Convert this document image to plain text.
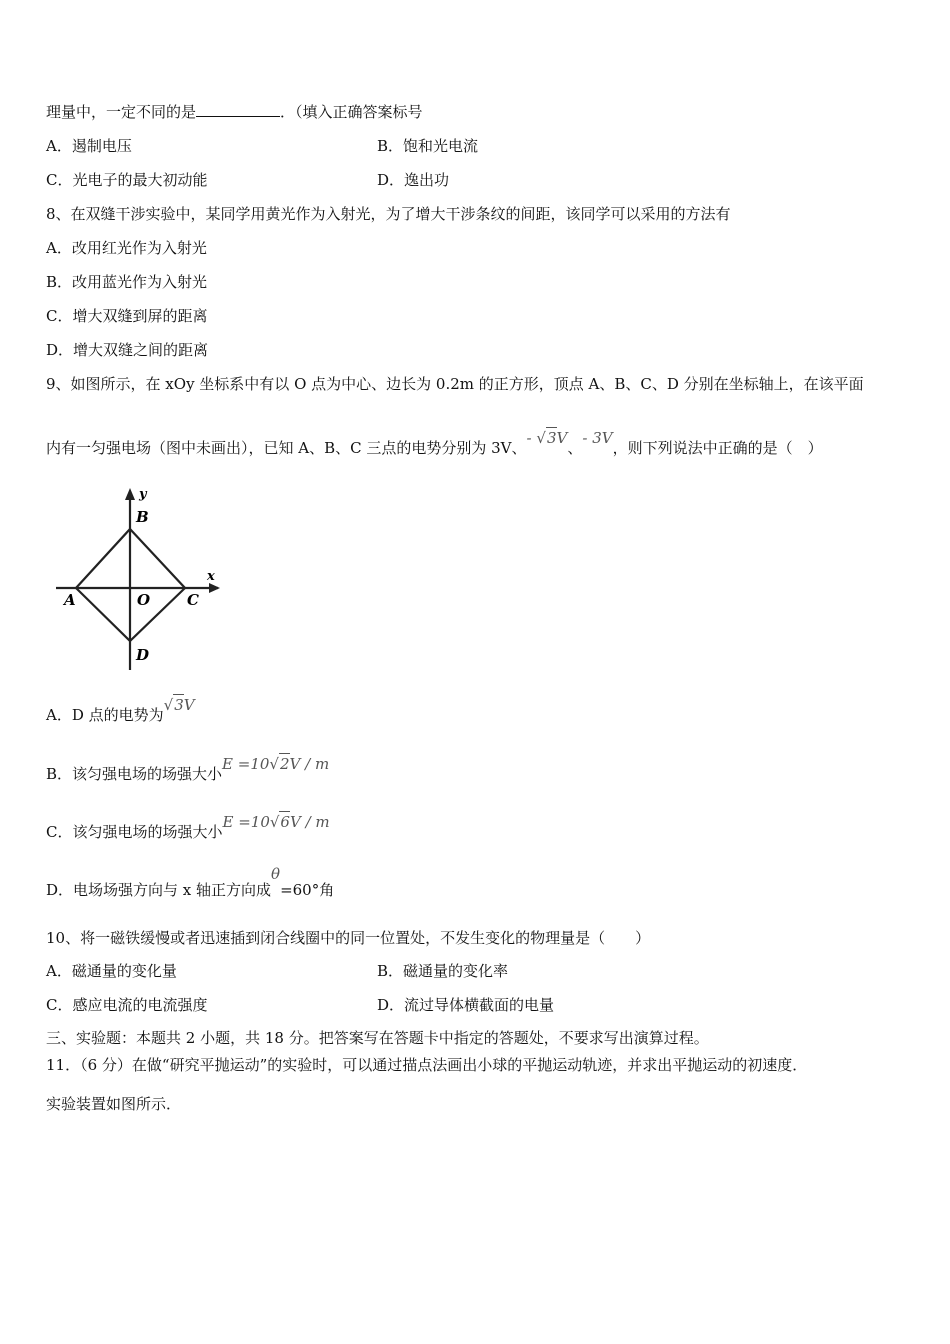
理量中，一定不同的是	．（填入正确答案标号
A．遏制电压	B．饱和光电流
C．光电子的最大初动能	D．逸出功
8、在双缝干涉实验中，某同学用黄光作为入射光，为了增大干涉条纹的间距，该同学可以采用的方法有
A．改用红光作为入射光
B．改用蓝光作为入射光
C．增大双缝到屏的距离
D．增大双缝之间的距离
9、如图所示，在 xOy 坐标系中有以 O 点为中心、边长为 0.2m 的正方形，顶点 A、B、C、D 分别在坐标轴上，在该平面
内有一匀强电场（图中未画出），已知 A、B、C 三点的电势分别为 3V、- √3V、- 3V，则下列说法中正确的是（　）
y
x
B
A	O C
D
A．D 点的电势为√3V
B．该匀强电场的场强大小E =10√2V / m
C．该匀强电场的场强大小E =10√6V / m
D．电场场强方向与 x 轴正方向成θ=60°角
10、将一磁铁缓慢或者迅速插到闭合线圈中的同一位置处，不发生变化的物理量是（　　）
A．磁通量的变化量	B．磁通量的变化率
C．感应电流的电流强度	D．流过导体横截面的电量
三、实验题：本题共 2 小题，共 18 分。把答案写在答题卡中指定的答题处，不要求写出演算过程。
11．（6 分）在做“研究平抛运动”的实验时，可以通过描点法画出小球的平抛运动轨迹，并求出平抛运动的初速度．
实验装置如图所示．
